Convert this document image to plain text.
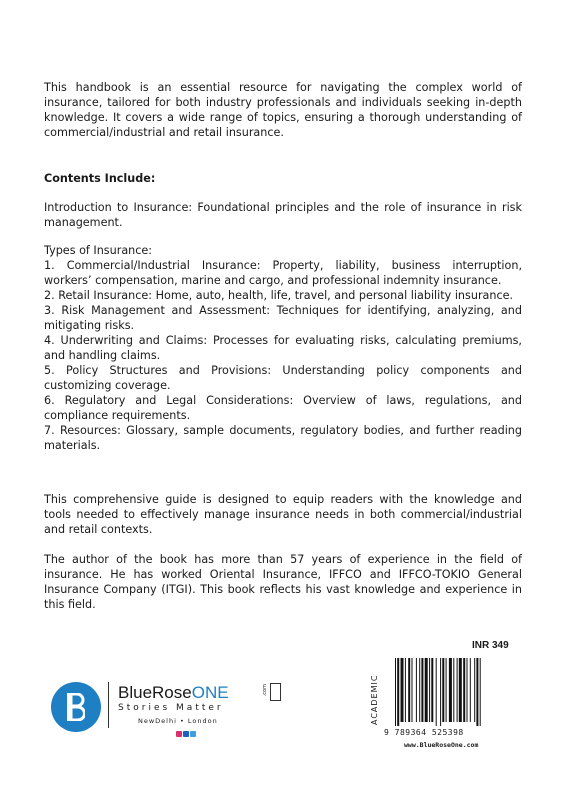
This handbook is an essential resource for navigating the complex world of insurance, tailored for both industry professionals and individuals seeking in-depth knowledge. It covers a wide range of topics, ensuring a thorough understanding of commercial/industrial and retail insurance.
Contents Include:
Introduction to Insurance: Foundational principles and the role of insurance in risk management.
Types of Insurance:
1. Commercial/Industrial Insurance: Property, liability, business interruption, workers’ compensation, marine and cargo, and professional indemnity insurance.
2. Retail Insurance: Home, auto, health, life, travel, and personal liability insurance.
3. Risk Management and Assessment: Techniques for identifying, analyzing, and mitigating risks.
4. Underwriting and Claims: Processes for evaluating risks, calculating premiums, and handling claims.
5. Policy Structures and Provisions: Understanding policy components and customizing coverage.
6. Regulatory and Legal Considerations: Overview of laws, regulations, and compliance requirements.
7. Resources: Glossary, sample documents, regulatory bodies, and further reading materials.
This comprehensive guide is designed to equip readers with the knowledge and tools needed to effectively manage insurance needs in both commercial/industrial and retail contexts.
The author of the book has more than 57 years of experience in the field of insurance. He has worked Oriental Insurance, IFFCO and IFFCO-TOKIO General Insurance Company (ITGI). This book reflects his vast knowledge and experience in this field.
BlueRoseONE	.com
Stories Matter
NewDelhi • London
INR 349
ACADEMIC
9 789364 525398
www.BlueRoseOne.com
